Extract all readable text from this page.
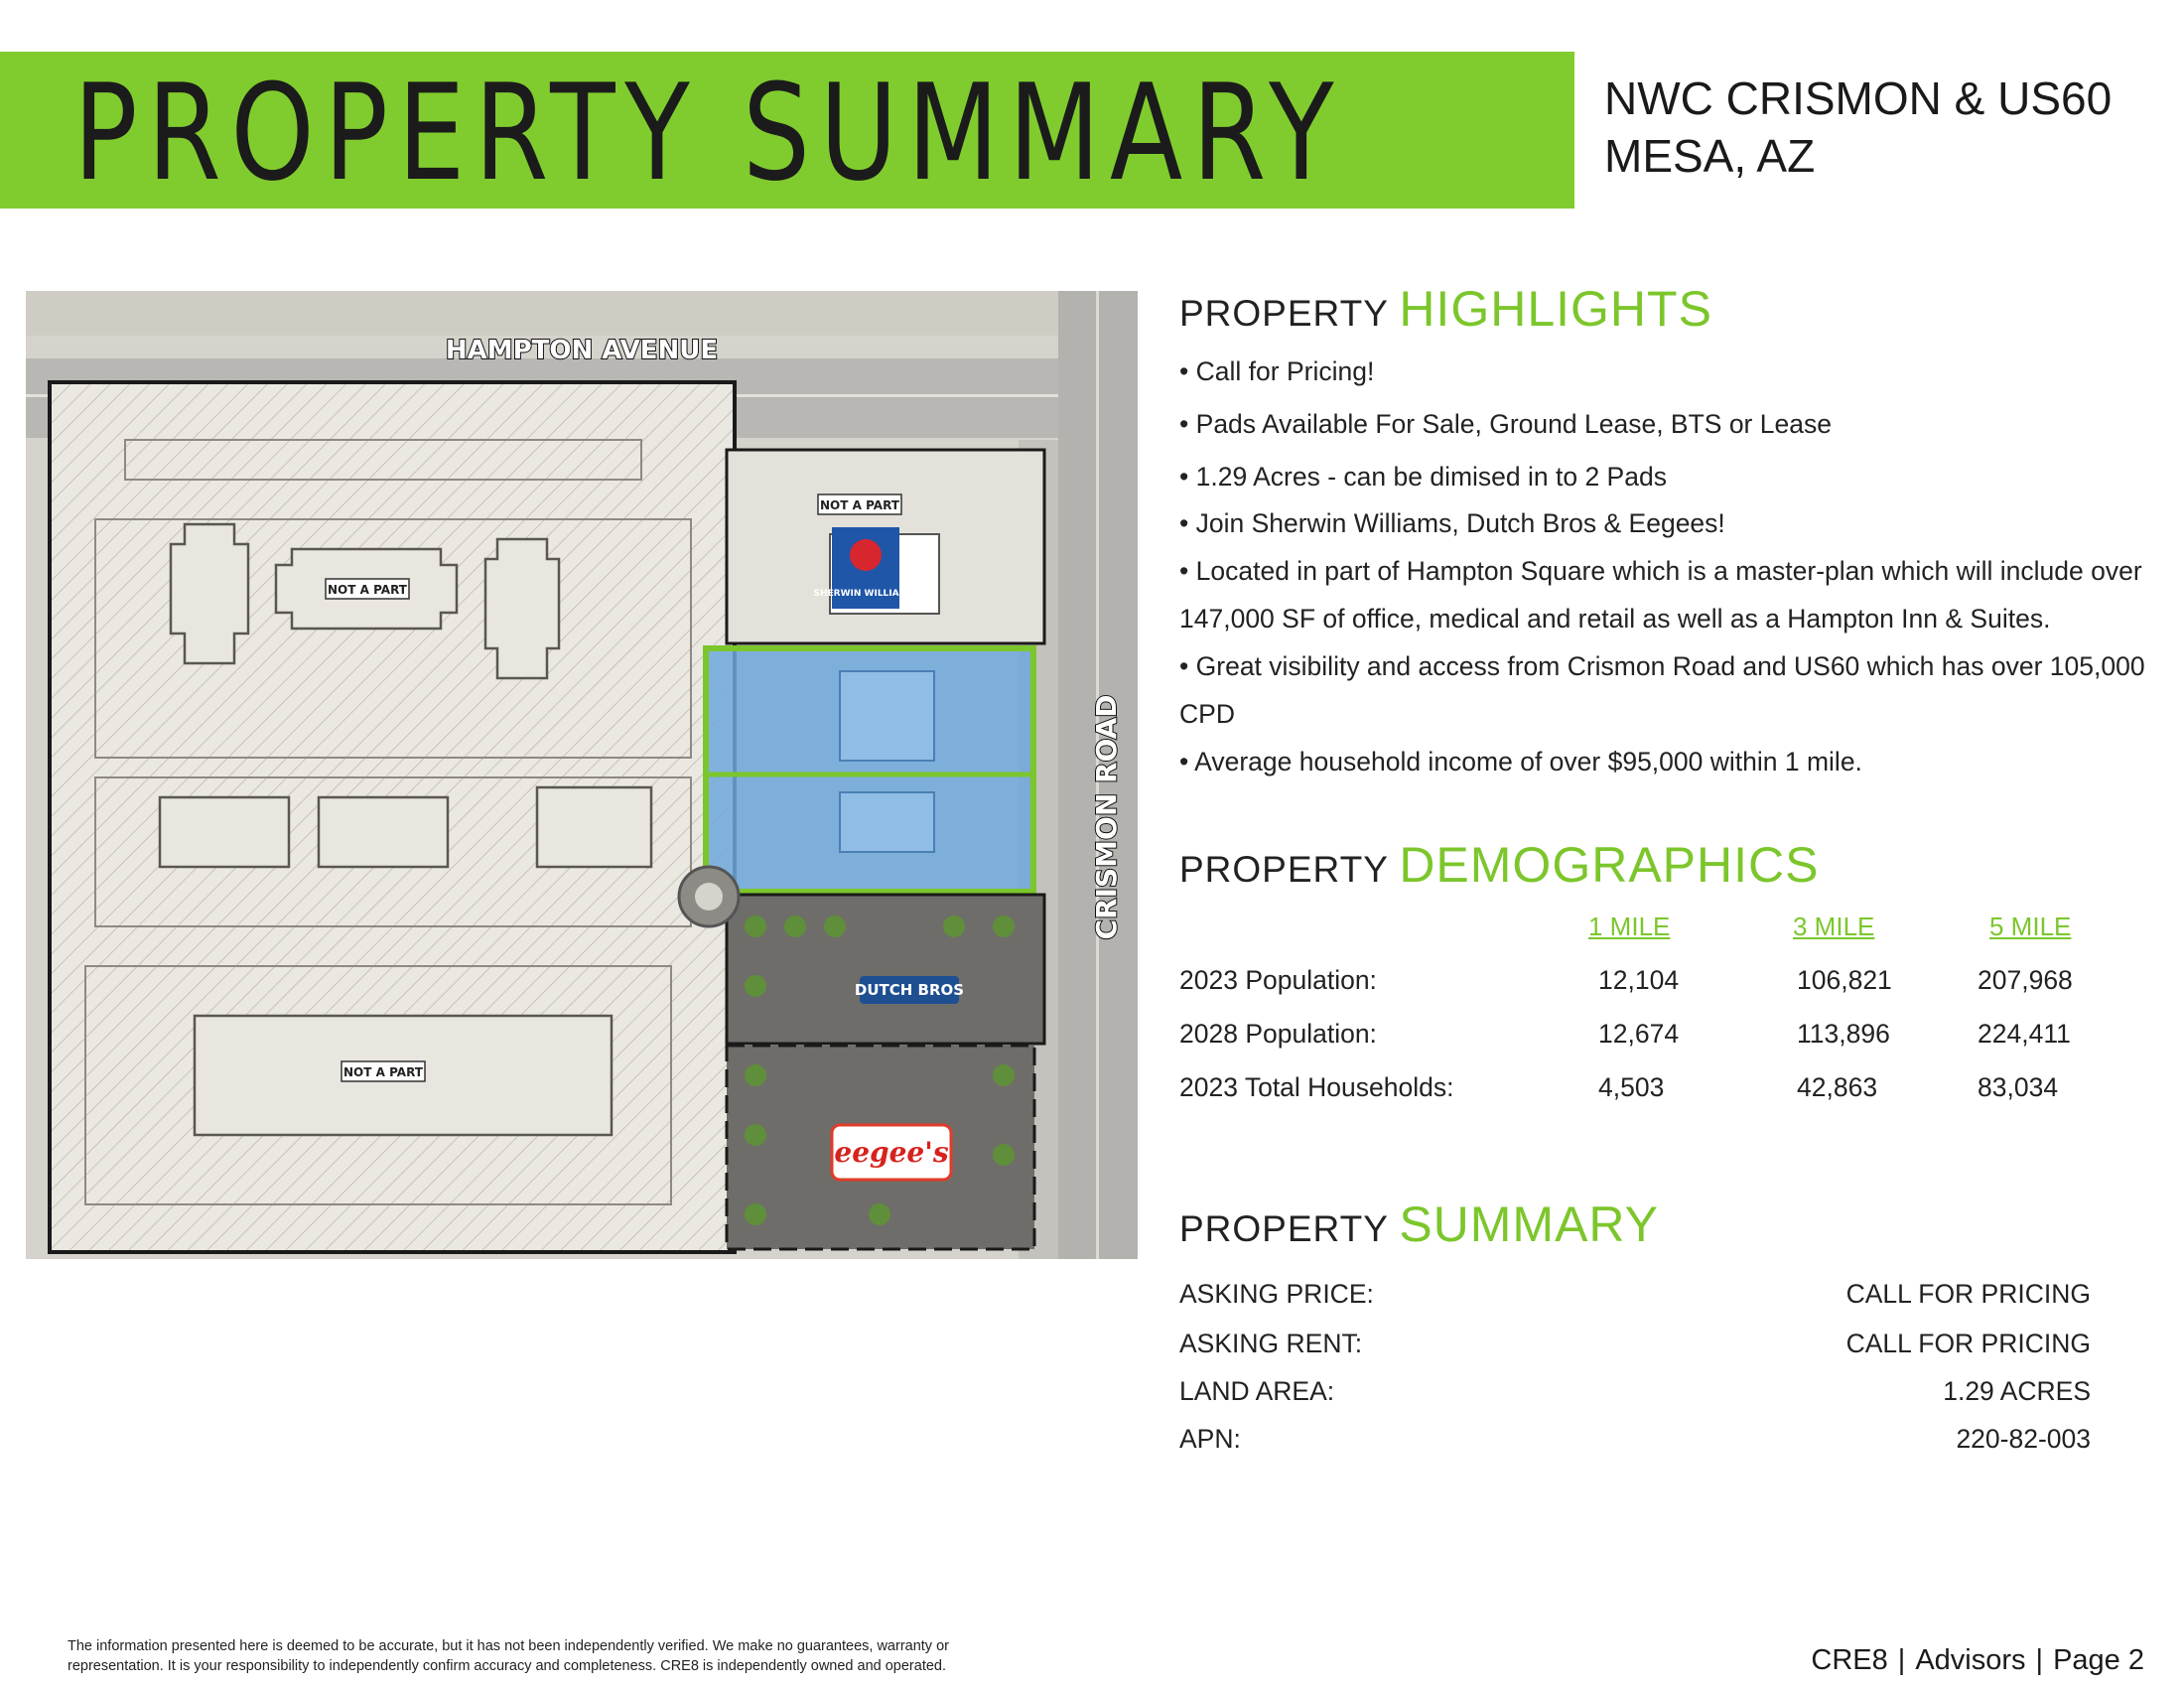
PROPERTY SUMMARY	NWC CRISMON & US60
MESA, AZ
HAMPTON AVENUE
CRISMON ROAD
NOT A PART
NOT A PART
NOT A PART
SHERWIN WILLIAMS.
DUTCH BROS
eegee's
PROPERTY HIGHLIGHTS
• Call for Pricing!
• Pads Available For Sale, Ground Lease, BTS or Lease
• 1.29 Acres - can be dimised in to 2 Pads
• Join Sherwin Williams, Dutch Bros & Eegees!
• Located in part of Hampton Square which is a master-plan which will include over 147,000 SF of office, medical and retail as well as a Hampton Inn & Suites.
• Great visibility and access from Crismon Road and US60 which has over 105,000 CPD
• Average household income of over $95,000 within 1 mile.
PROPERTY DEMOGRAPHICS
1 MILE	3 MILE	5 MILE
2023 Population:	12,104	106,821	207,968
2028 Population:	12,674	113,896	224,411
2023 Total Households:	4,503	42,863	83,034
PROPERTY SUMMARY
ASKING PRICE:	CALL FOR PRICING
ASKING RENT:	CALL FOR PRICING
LAND AREA:	1.29 ACRES
APN:	220-82-003
The information presented here is deemed to be accurate, but it has not been independently verified. We make no guarantees, warranty or
representation. It is your responsibility to independently confirm accuracy and completeness. CRE8 is independently owned and operated.	CRE8 | Advisors | Page 2
